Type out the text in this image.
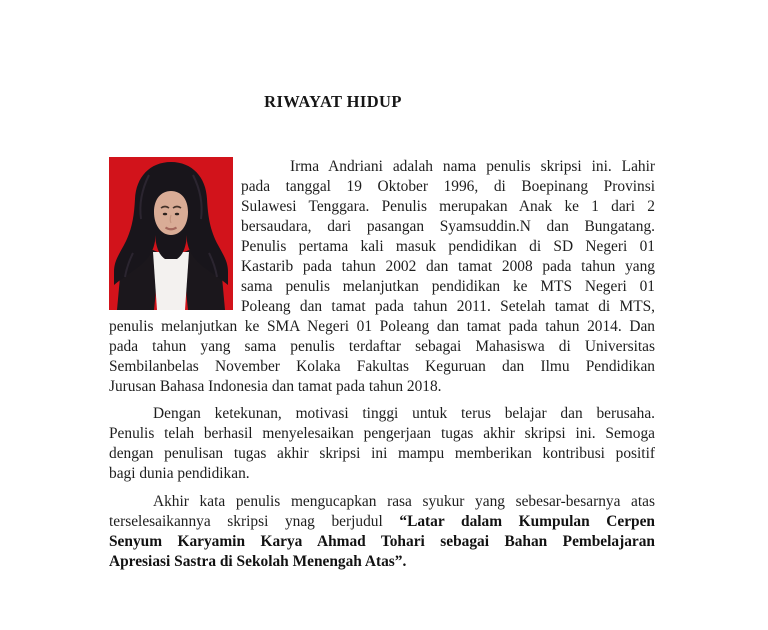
RIWAYAT HIDUP
Irma Andriani adalah nama penulis skripsi ini. Lahir
pada tanggal 19 Oktober 1996, di Boepinang Provinsi
Sulawesi Tenggara. Penulis merupakan Anak ke 1 dari 2
bersaudara, dari pasangan Syamsuddin.N dan Bungatang.
Penulis pertama kali masuk pendidikan di SD Negeri 01
Kastarib pada tahun 2002 dan tamat 2008 pada tahun yang
sama penulis melanjutkan pendidikan ke MTS Negeri 01
Poleang dan tamat pada tahun 2011. Setelah tamat di MTS,
penulis melanjutkan ke SMA Negeri 01 Poleang dan tamat pada tahun 2014. Dan
pada tahun yang sama penulis terdaftar sebagai Mahasiswa di Universitas
Sembilanbelas November Kolaka Fakultas Keguruan dan Ilmu Pendidikan
Jurusan Bahasa Indonesia dan tamat pada tahun 2018.
Dengan ketekunan, motivasi tinggi untuk terus belajar dan berusaha.
Penulis telah berhasil menyelesaikan pengerjaan tugas akhir skripsi ini. Semoga
dengan penulisan tugas akhir skripsi ini mampu memberikan kontribusi positif
bagi dunia pendidikan.
Akhir kata penulis mengucapkan rasa syukur yang sebesar-besarnya atas
terselesaikannya skripsi ynag berjudul “Latar dalam Kumpulan Cerpen
Senyum Karyamin Karya Ahmad Tohari sebagai Bahan Pembelajaran
Apresiasi Sastra di Sekolah Menengah Atas”.
